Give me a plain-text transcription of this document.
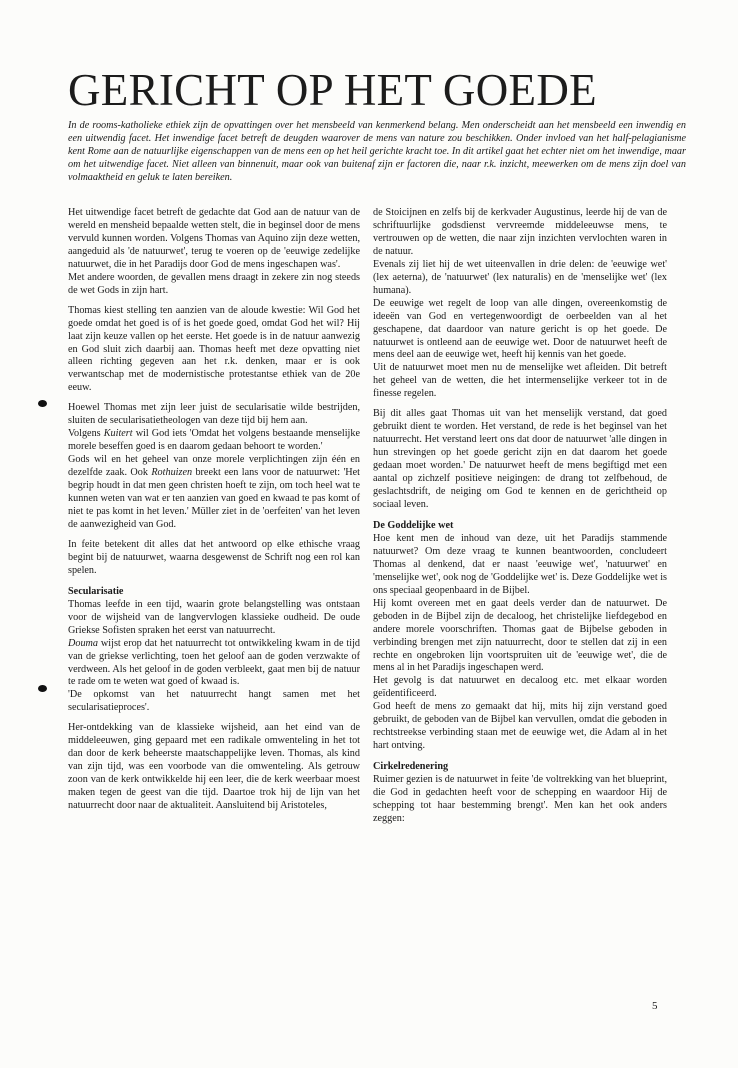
GERICHT OP HET GOEDE

In de rooms-katholieke ethiek zijn de opvattingen over het mensbeeld van kenmerkend belang. Men onderscheidt aan het mensbeeld een inwendig en een uitwendig facet. Het inwendige facet betreft de deugden waarover de mens van nature zou beschikken. Onder invloed van het half-pelagianisme kent Rome aan de natuurlijke eigenschappen van de mens een op het heil gerichte kracht toe. In dit artikel gaat het echter niet om het inwendige, maar om het uitwendige facet. Niet alleen van binnenuit, maar ook van buitenaf zijn er factoren die, naar r.k. inzicht, meewerken om de mens zijn doel van volmaaktheid en geluk te laten bereiken.

Het uitwendige facet betreft de gedachte dat God aan de natuur van de wereld en mensheid bepaalde wetten stelt, die in beginsel door de mens vervuld kunnen worden. Volgens Thomas van Aquino zijn deze wetten, aangeduid als 'de natuurwet', terug te voeren op de 'eeuwige zedelijke natuurwet, die in het Paradijs door God de mens ingeschapen was'.

Met andere woorden, de gevallen mens draagt in zekere zin nog steeds de wet Gods in zijn hart.

Thomas kiest stelling ten aanzien van de aloude kwestie: Wil God het goede omdat het goed is of is het goede goed, omdat God het wil? Hij laat zijn keuze vallen op het eerste. Het goede is in de natuur aanwezig en God sluit zich daarbij aan. Thomas heeft met deze opvatting niet alleen richting gegeven aan het r.k. denken, maar er is ook verwantschap met de modernistische protestantse ethiek van de 20e eeuw.

Hoewel Thomas met zijn leer juist de secularisatie wilde bestrijden, sluiten de secularisatietheologen van deze tijd bij hem aan.

Volgens Kuitert wil God iets 'Omdat het volgens bestaande menselijke morele beseffen goed is en daarom gedaan behoort te worden.'

Gods wil en het geheel van onze morele verplichtingen zijn één en dezelfde zaak. Ook Rothuizen breekt een lans voor de natuurwet: 'Het begrip houdt in dat men geen christen hoeft te zijn, om toch heel wat te kunnen weten van wat er ten aanzien van goed en kwaad te pas komt of niet te pas komt in het leven.' Müller ziet in de 'oerfeiten' van het leven de aanwezigheid van God.

In feite betekent dit alles dat het antwoord op elke ethische vraag begint bij de natuurwet, waarna desgewenst de Schrift nog een rol kan spelen.

Secularisatie

Thomas leefde in een tijd, waarin grote belangstelling was ontstaan voor de wijsheid van de langvervlogen klassieke oudheid. De oude Griekse Sofisten spraken het eerst van natuurrecht.

Douma wijst erop dat het natuurrecht tot ontwikkeling kwam in de tijd van de griekse verlichting, toen het geloof aan de goden verzwakte of verdween. Als het geloof in de goden verbleekt, gaat men bij de natuur te rade om te weten wat goed of kwaad is.

'De opkomst van het natuurrecht hangt samen met het secularisatieproces'.

Her-ontdekking van de klassieke wijsheid, aan het eind van de middeleeuwen, ging gepaard met een radikale omwenteling in het tot dan door de kerk beheerste maatschappelijke leven. Thomas, als kind van zijn tijd, was een voorbode van die omwenteling. Als getrouw zoon van de kerk ontwikkelde hij een leer, die de kerk weerbaar moest maken tegen de geest van die tijd. Daartoe trok hij de lijn van het natuurrecht door naar de aktualiteit. Aansluitend bij Aristoteles,

de Stoicijnen en zelfs bij de kerkvader Augustinus, leerde hij de van de schriftuurlijke godsdienst vervreemde middeleeuwse mens, te vertrouwen op de wetten, die naar zijn inzichten vervlochten waren in de natuur.

Evenals zij liet hij de wet uiteenvallen in drie delen: de 'eeuwige wet' (lex aeterna), de 'natuurwet' (lex naturalis) en de 'menselijke wet' (lex humana).

De eeuwige wet regelt de loop van alle dingen, overeenkomstig de ideeën van God en vertegenwoordigt de oerbeelden van al het geschapene, dat daardoor van nature gericht is op het goede. De natuurwet is ontleend aan de eeuwige wet. Door de natuurwet heeft de mens deel aan de eeuwige wet, heeft hij kennis van het goede.

Uit de natuurwet moet men nu de menselijke wet afleiden. Dit betreft het geheel van de wetten, die het intermenselijke verkeer tot in de finesse regelen.

Bij dit alles gaat Thomas uit van het menselijk verstand, dat goed gebruikt dient te worden. Het verstand, de rede is het beginsel van het natuurrecht. Het verstand leert ons dat door de natuurwet 'alle dingen in hun strevingen op het goede gericht zijn en dat daarom het goede gedaan moet worden.' De natuurwet heeft de mens begiftigd met een aantal op zichzelf positieve neigingen: de drang tot zelfbehoud, de geslachtsdrift, de neiging om God te kennen en de gerichtheid op sociaal leven.

De Goddelijke wet

Hoe kent men de inhoud van deze, uit het Paradijs stammende natuurwet? Om deze vraag te kunnen beantwoorden, concludeert Thomas al denkend, dat er naast 'eeuwige wet', 'natuurwet' en 'menselijke wet', ook nog de 'Goddelijke wet' is. Deze Goddelijke wet is ons speciaal geopenbaard in de Bijbel.

Hij komt overeen met en gaat deels verder dan de natuurwet. De geboden in de Bijbel zijn de decaloog, het christelijke liefdegebod en andere morele voorschriften. Thomas gaat de Bijbelse geboden in verbinding brengen met zijn natuurrecht, door te stellen dat zij in een rechte en ongebroken lijn voortspruiten uit de 'eeuwige wet', die de mens al in het Paradijs ingeschapen werd.

Het gevolg is dat natuurwet en decaloog etc. met elkaar worden geïdentificeerd.

God heeft de mens zo gemaakt dat hij, mits hij zijn verstand goed gebruikt, de geboden van de Bijbel kan vervullen, omdat die geboden in rechtstreekse verbinding staan met de eeuwige wet, die Adam al in het hart ontving.

Cirkelredenering

Ruimer gezien is de natuurwet in feite 'de voltrekking van het blueprint, die God in gedachten heeft voor de schepping en waardoor Hij de schepping tot haar bestemming brengt'. Men kan het ook anders zeggen:

5
